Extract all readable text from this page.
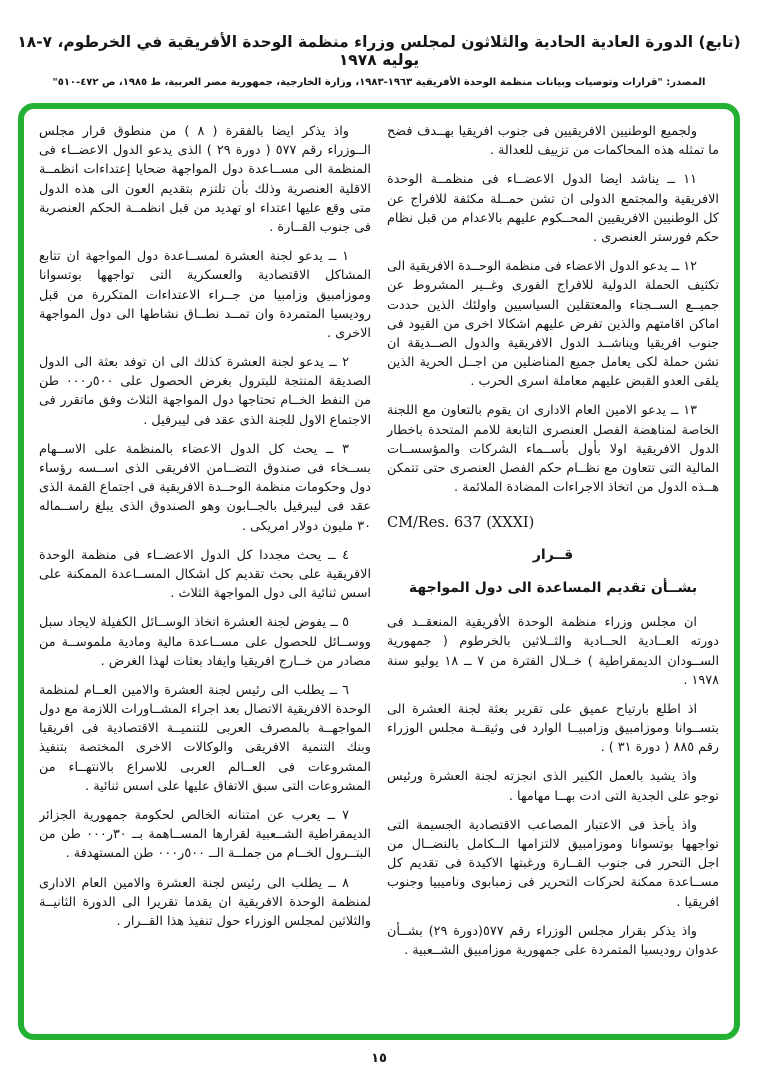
(تابع) الدورة العادية الحادية والثلاثون لمجلس وزراء منظمة الوحدة الأفريقية في الخرطوم، ٧-١٨ يوليه ١٩٧٨
المصدر: "قرارات وتوصيات وبيانات منظمة الوحدة الأفريقية ١٩٦٣-١٩٨٣، وزارة الخارجية، جمهورية مصر العربية، ط ١٩٨٥، ص ٤٧٢-٥١٠"

ولجميع الوطنيين الافريقيين فى جنوب افريقيا بهــدف فضح ما تمثله هذه المحاكمات من تزييف للعدالة .

١١ ــ يناشد ايضا الدول الاعضــاء فى منظمــة الوحدة الافريقية والمجتمع الدولى ان تشن حمــلة مكثفة للافراج عن كل الوطنيين الافريقيين المحــكوم عليهم بالاعدام من قبل نظام حكم فورستر العنصرى .

١٢ ــ يدعو الدول الاعضاء فى منظمة الوحــدة الافريقية الى تكثيف الحملة الدولية للافراج الفورى وغــير المشروط عن جميــع الســجناء والمعتقلين السياسيين واولئك الذين حددت اماكن اقامتهم والذين تفرض عليهم اشكالا اخرى من القيود فى جنوب افريقيا ويناشــد الدول الافريقية والدول الصــديقة ان تشن حملة لكى يعامل جميع المناضلين من اجــل الحرية الذين يلقى العدو القبض عليهم معاملة اسرى الحرب .

١٣ ــ يدعو الامين العام الادارى ان يقوم بالتعاون مع اللجنة الخاصة لمناهضة الفصل العنصرى التابعة للامم المتحدة باخطار الدول الافريقية اولا بأول بأســماء الشركات والمؤسســات المالية التى تتعاون مع نظــام حكم الفصل العنصرى حتى تتمكن هــذه الدول من اتخاذ الاجراءات المضادة الملائمة .

CM/Res. 637 (XXXI)

قــرار

بشــأن تقديم المساعدة الى دول المواجهة

ان مجلس وزراء منظمة الوحدة الأفريقية المنعقــد فى دورته العــادية الحــادية والثــلاثين بالخرطوم ( جمهورية الســودان الديمقراطية ) خــلال الفترة من ٧ ــ ١٨ يوليو سنة ١٩٧٨ .

اذ اطلع بارتياح عميق على تقرير بعثة لجنة العشرة الى بتســوانا وموزامبيق وزامبيــا الوارد فى وثيقــة مجلس الوزراء رقم ٨٨٥ ( دورة ٣١ ) .

واذ يشيد بالعمل الكبير الذى انجزته لجنة العشرة ورئيس توجو على الجدية التى ادت بهــا مهامها .

واذ يأخذ فى الاعتبار المصاعب الاقتصادية الجسيمة التى تواجهها بوتسوانا وموزامبيق لالتزامها الــكامل بالنضــال من اجل التحرر فى جنوب القــارة ورغبتها الاكيدة فى تقديم كل مســاعدة ممكنة لحركات التحرير فى زمبابوى وناميبيا وجنوب افريقيا .

واذ يذكر بقرار مجلس الوزراء رقم ٥٧٧(دورة ٢٩) بشــأن عدوان روديسيا المتمردة على جمهورية موزامبيق الشــعبية .

واذ يذكر ايضا بالفقرة ( ٨ ) من منطوق قرار مجلس الــوزراء رقم ٥٧٧ ( دورة ٢٩ ) الذى يدعو الدول الاعضــاء فى المنظمة الى مســاعدة دول المواجهة ضحايا إعتداءات انظمــة الاقلية العنصرية وذلك بأن تلتزم بتقديم العون الى هذه الدول متى وقع عليها اعتداء او تهديد من قبل انظمــة الحكم العنصرية فى جنوب القــارة .

١ ــ يدعو لجنة العشرة لمســاعدة دول المواجهة ان تتابع المشاكل الاقتصادية والعسكرية التى تواجهها بوتسوانا وموزامبيق وزامبيا من جــراء الاعتداءات المتكررة من قبل روديسيا المتمردة وان تمــد نطــاق نشاطها الى دول المواجهة الاخرى .

٢ ــ يدعو لجنة العشرة كذلك الى ان توفد بعثة الى الدول الصديقة المنتجة للبترول بغرض الحصول على ٥٠٠ر٠٠٠ طن من النفط الخــام تحتاجها دول المواجهة الثلاث وفق ماتقرر فى الاجتماع الاول للجنة الذى عقد فى ليبرفيل .

٣ ــ يحث كل الدول الاعضاء بالمنظمة على الاســهام بســخاء فى صندوق التضــامن الافريقى الذى اســسه رؤساء دول وحكومات منظمة الوحــدة الافريقية فى اجتماع القمة الذى عقد فى ليبرفيل بالجــابون وهو الصندوق الذى يبلغ راســماله ٣٠ مليون دولار امريكى .

٤ ــ يحث مجددا كل الدول الاعضــاء فى منظمة الوحدة الافريقية على بحث تقديم كل اشكال المســاعدة الممكنة على اسس ثنائية الى دول المواجهة الثلاث .

٥ ــ يفوض لجنة العشرة اتخاذ الوســائل الكفيلة لايجاد سبل ووســائل للحصول على مســاعدة مالية ومادية ملموســة من مصادر من خــارج افريقيا وايفاد بعثات لهذا الغرض .

٦ ــ يطلب الى رئيس لجنة العشرة والامين العــام لمنظمة الوحدة الافريقية الاتصال بعد اجراء المشــاورات اللازمة مع دول المواجهــة بالمصرف العربى للتنميــة الاقتصادية فى افريقيا وبنك التنمية الافريقى والوكالات الاخرى المختصة بتنفيذ المشروعات فى العــالم العربى للاسراع بالانتهــاء من المشروعات التى سبق الاتفاق عليها على اسس ثنائية .

٧ ــ يعرب عن امتنانه الخالص لحكومة جمهورية الجزائر الديمقراطية الشــعبية لقرارها المســاهمة بــ ٣٠ر٠٠٠ طن من البتــرول الخــام من جملــة الــ ٥٠٠ر٠٠٠ طن المستهدفة .

٨ ــ يطلب الى رئيس لجنة العشرة والامين العام الادارى لمنظمة الوحدة الافريقية ان يقدما تقريرا الى الدورة الثانيــة والثلاثين لمجلس الوزراء حول تنفيذ هذا القــرار .

١٥
